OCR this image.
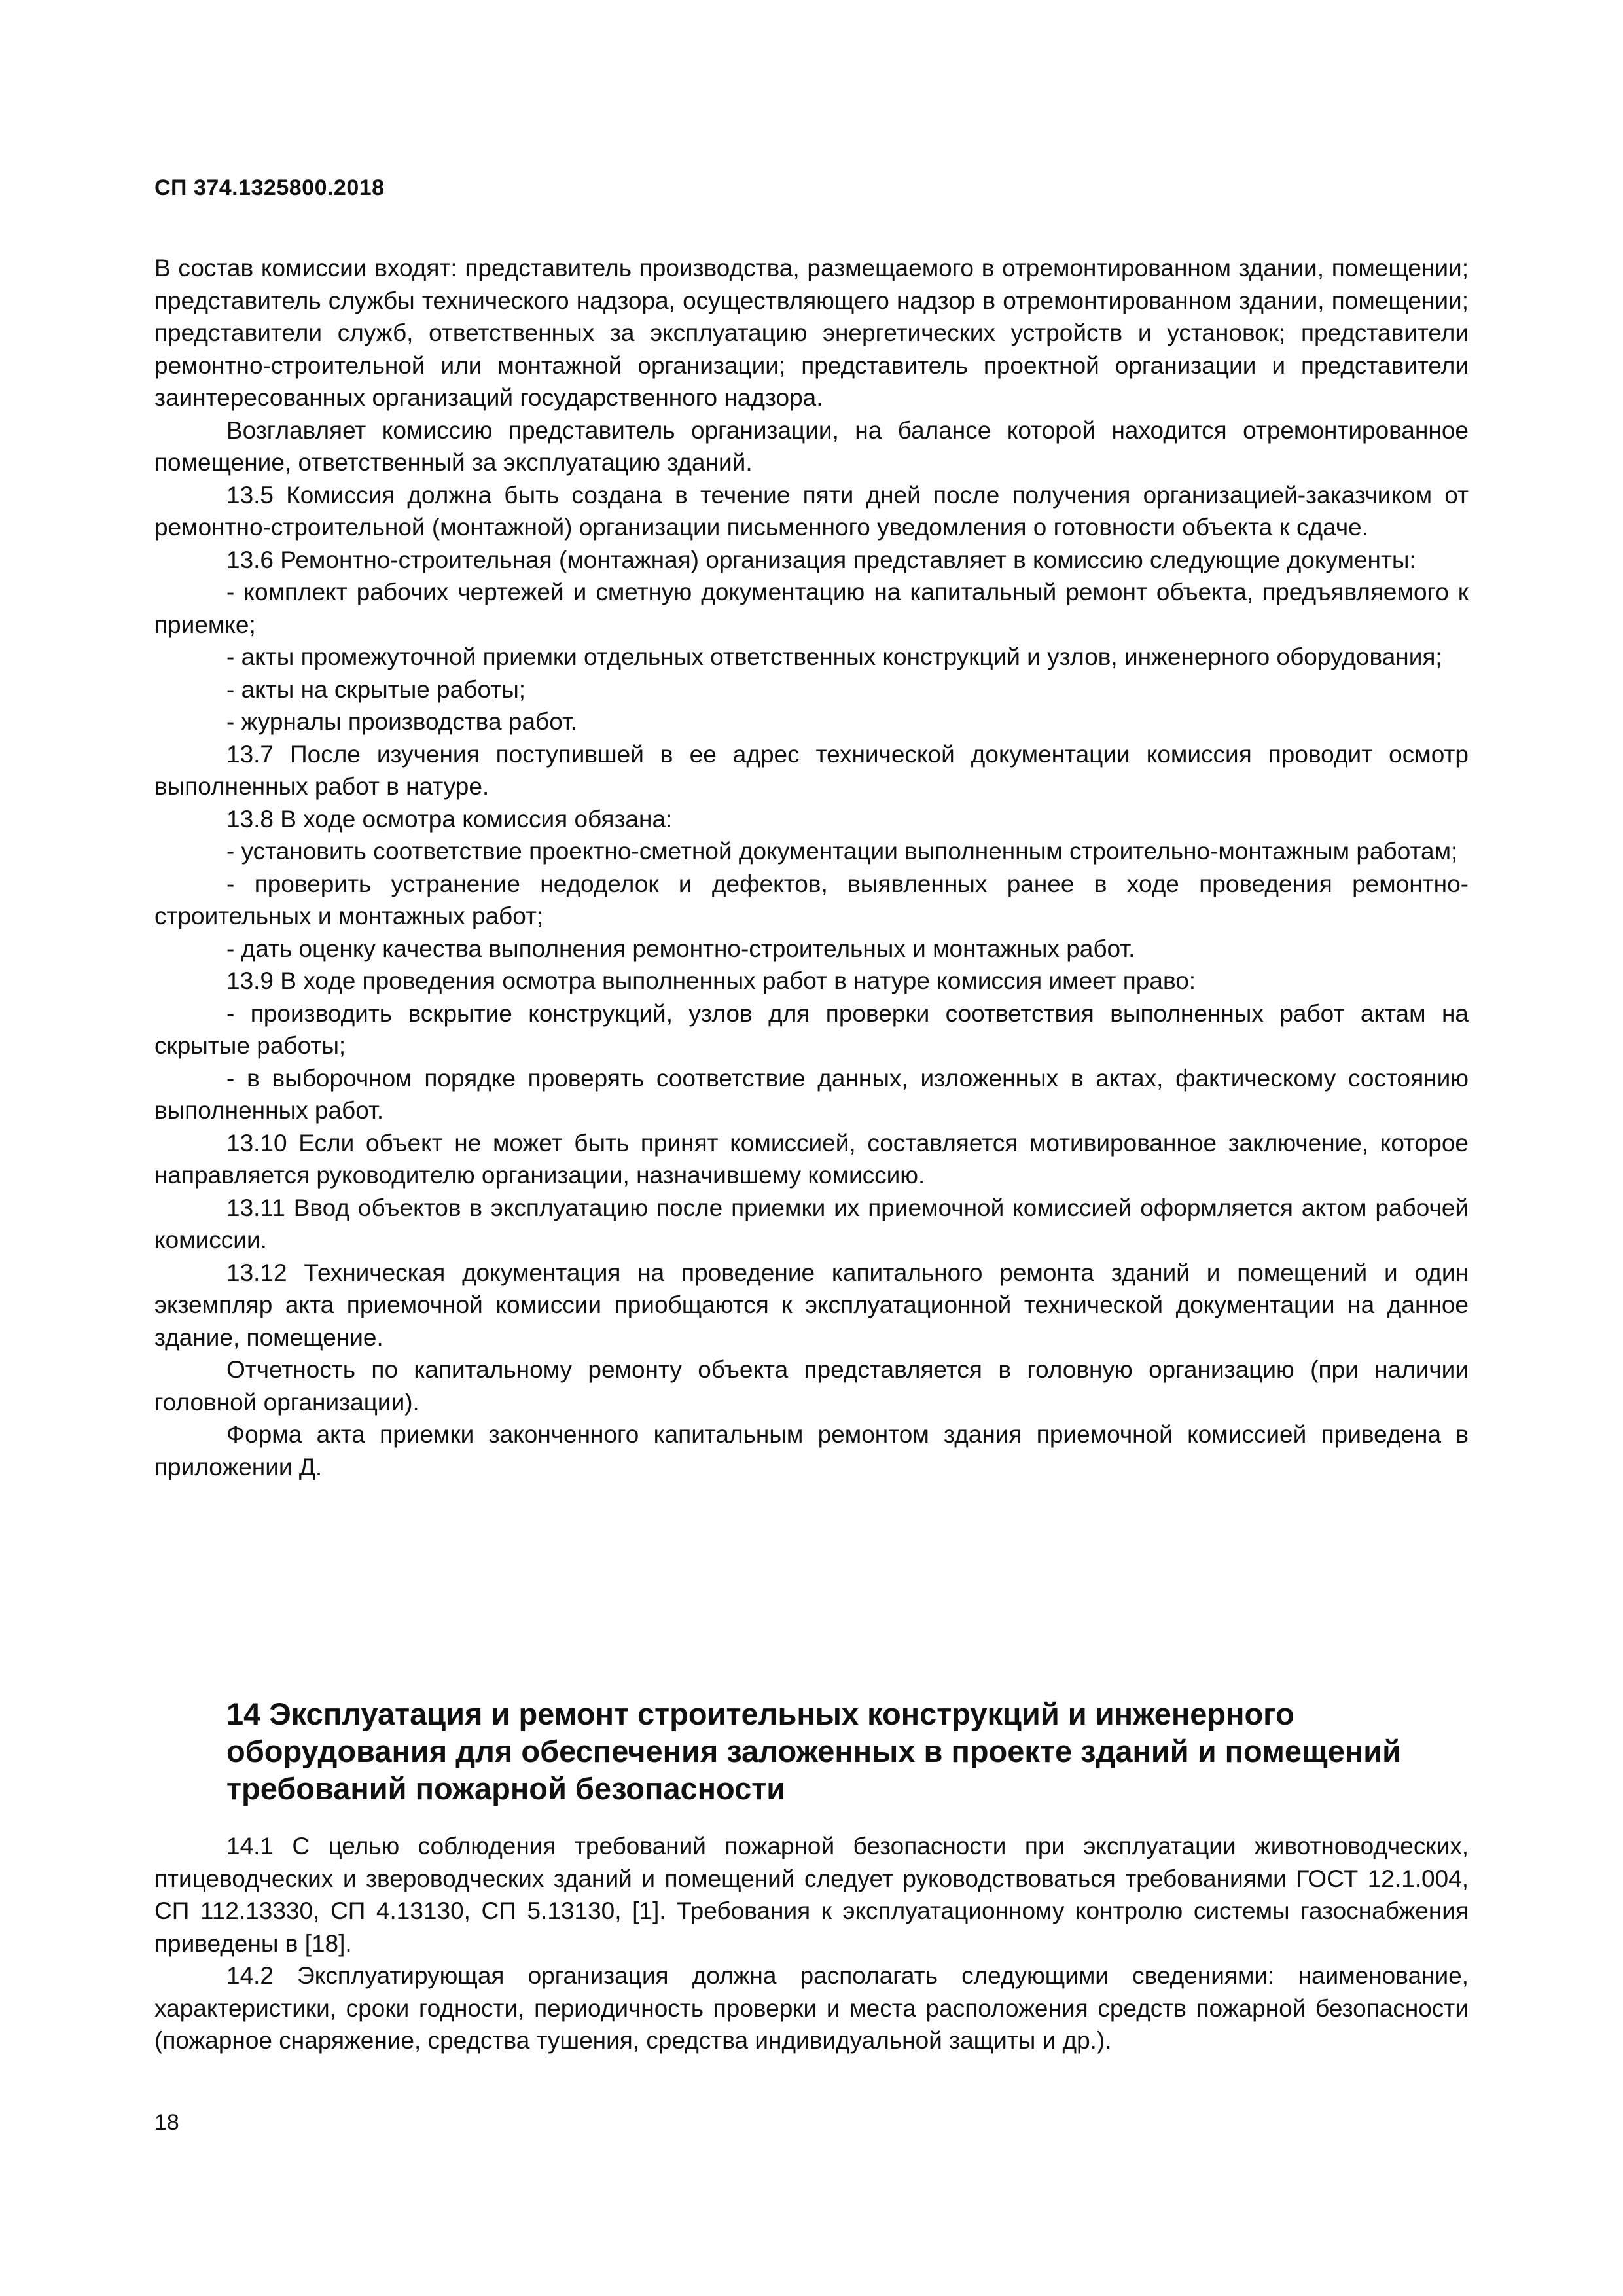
СП 374.1325800.2018

В состав комиссии входят: представитель производства, размещаемого в отремонтированном здании, помещении; представитель службы технического надзора, осуществляющего надзор в отремонтированном здании, помещении; представители служб, ответственных за эксплуатацию энергетических устройств и установок; представители ремонтно-строительной или монтажной организации; представитель проектной организации и представители заинтересованных организаций государственного надзора.

Возглавляет комиссию представитель организации, на балансе которой находится отремонтированное помещение, ответственный за эксплуатацию зданий.

13.5 Комиссия должна быть создана в течение пяти дней после получения организацией-заказчиком от ремонтно-строительной (монтажной) организации письменного уведомления о готовности объекта к сдаче.

13.6 Ремонтно-строительная (монтажная) организация представляет в комиссию следующие документы:

- комплект рабочих чертежей и сметную документацию на капитальный ремонт объекта, предъявляемого к приемке;

- акты промежуточной приемки отдельных ответственных конструкций и узлов, инженерного оборудования;

- акты на скрытые работы;

- журналы производства работ.

13.7 После изучения поступившей в ее адрес технической документации комиссия проводит осмотр выполненных работ в натуре.

13.8 В ходе осмотра комиссия обязана:

- установить соответствие проектно-сметной документации выполненным строительно-монтажным работам;

- проверить устранение недоделок и дефектов, выявленных ранее в ходе проведения ремонтно-строительных и монтажных работ;

- дать оценку качества выполнения ремонтно-строительных и монтажных работ.

13.9 В ходе проведения осмотра выполненных работ в натуре комиссия имеет право:

- производить вскрытие конструкций, узлов для проверки соответствия выполненных работ актам на скрытые работы;

- в выборочном порядке проверять соответствие данных, изложенных в актах, фактическому состоянию выполненных работ.

13.10 Если объект не может быть принят комиссией, составляется мотивированное заключение, которое направляется руководителю организации, назначившему комиссию.

13.11 Ввод объектов в эксплуатацию после приемки их приемочной комиссией оформляется актом рабочей комиссии.

13.12 Техническая документация на проведение капитального ремонта зданий и помещений и один экземпляр акта приемочной комиссии приобщаются к эксплуатационной технической документации на данное здание, помещение.

Отчетность по капитальному ремонту объекта представляется в головную организацию (при наличии головной организации).

Форма акта приемки законченного капитальным ремонтом здания приемочной комиссией приведена в приложении Д.

14 Эксплуатация и ремонт строительных конструкций и инженерного оборудования для обеспечения заложенных в проекте зданий и помещений требований пожарной безопасности

14.1 С целью соблюдения требований пожарной безопасности при эксплуатации животноводческих, птицеводческих и звероводческих зданий и помещений следует руководствоваться требованиями ГОСТ 12.1.004, СП 112.13330, СП 4.13130, СП 5.13130, [1]. Требования к эксплуатационному контролю системы газоснабжения приведены в [18].

14.2 Эксплуатирующая организация должна располагать следующими сведениями: наименование, характеристики, сроки годности, периодичность проверки и места расположения средств пожарной безопасности (пожарное снаряжение, средства тушения, средства индивидуальной защиты и др.).

18
